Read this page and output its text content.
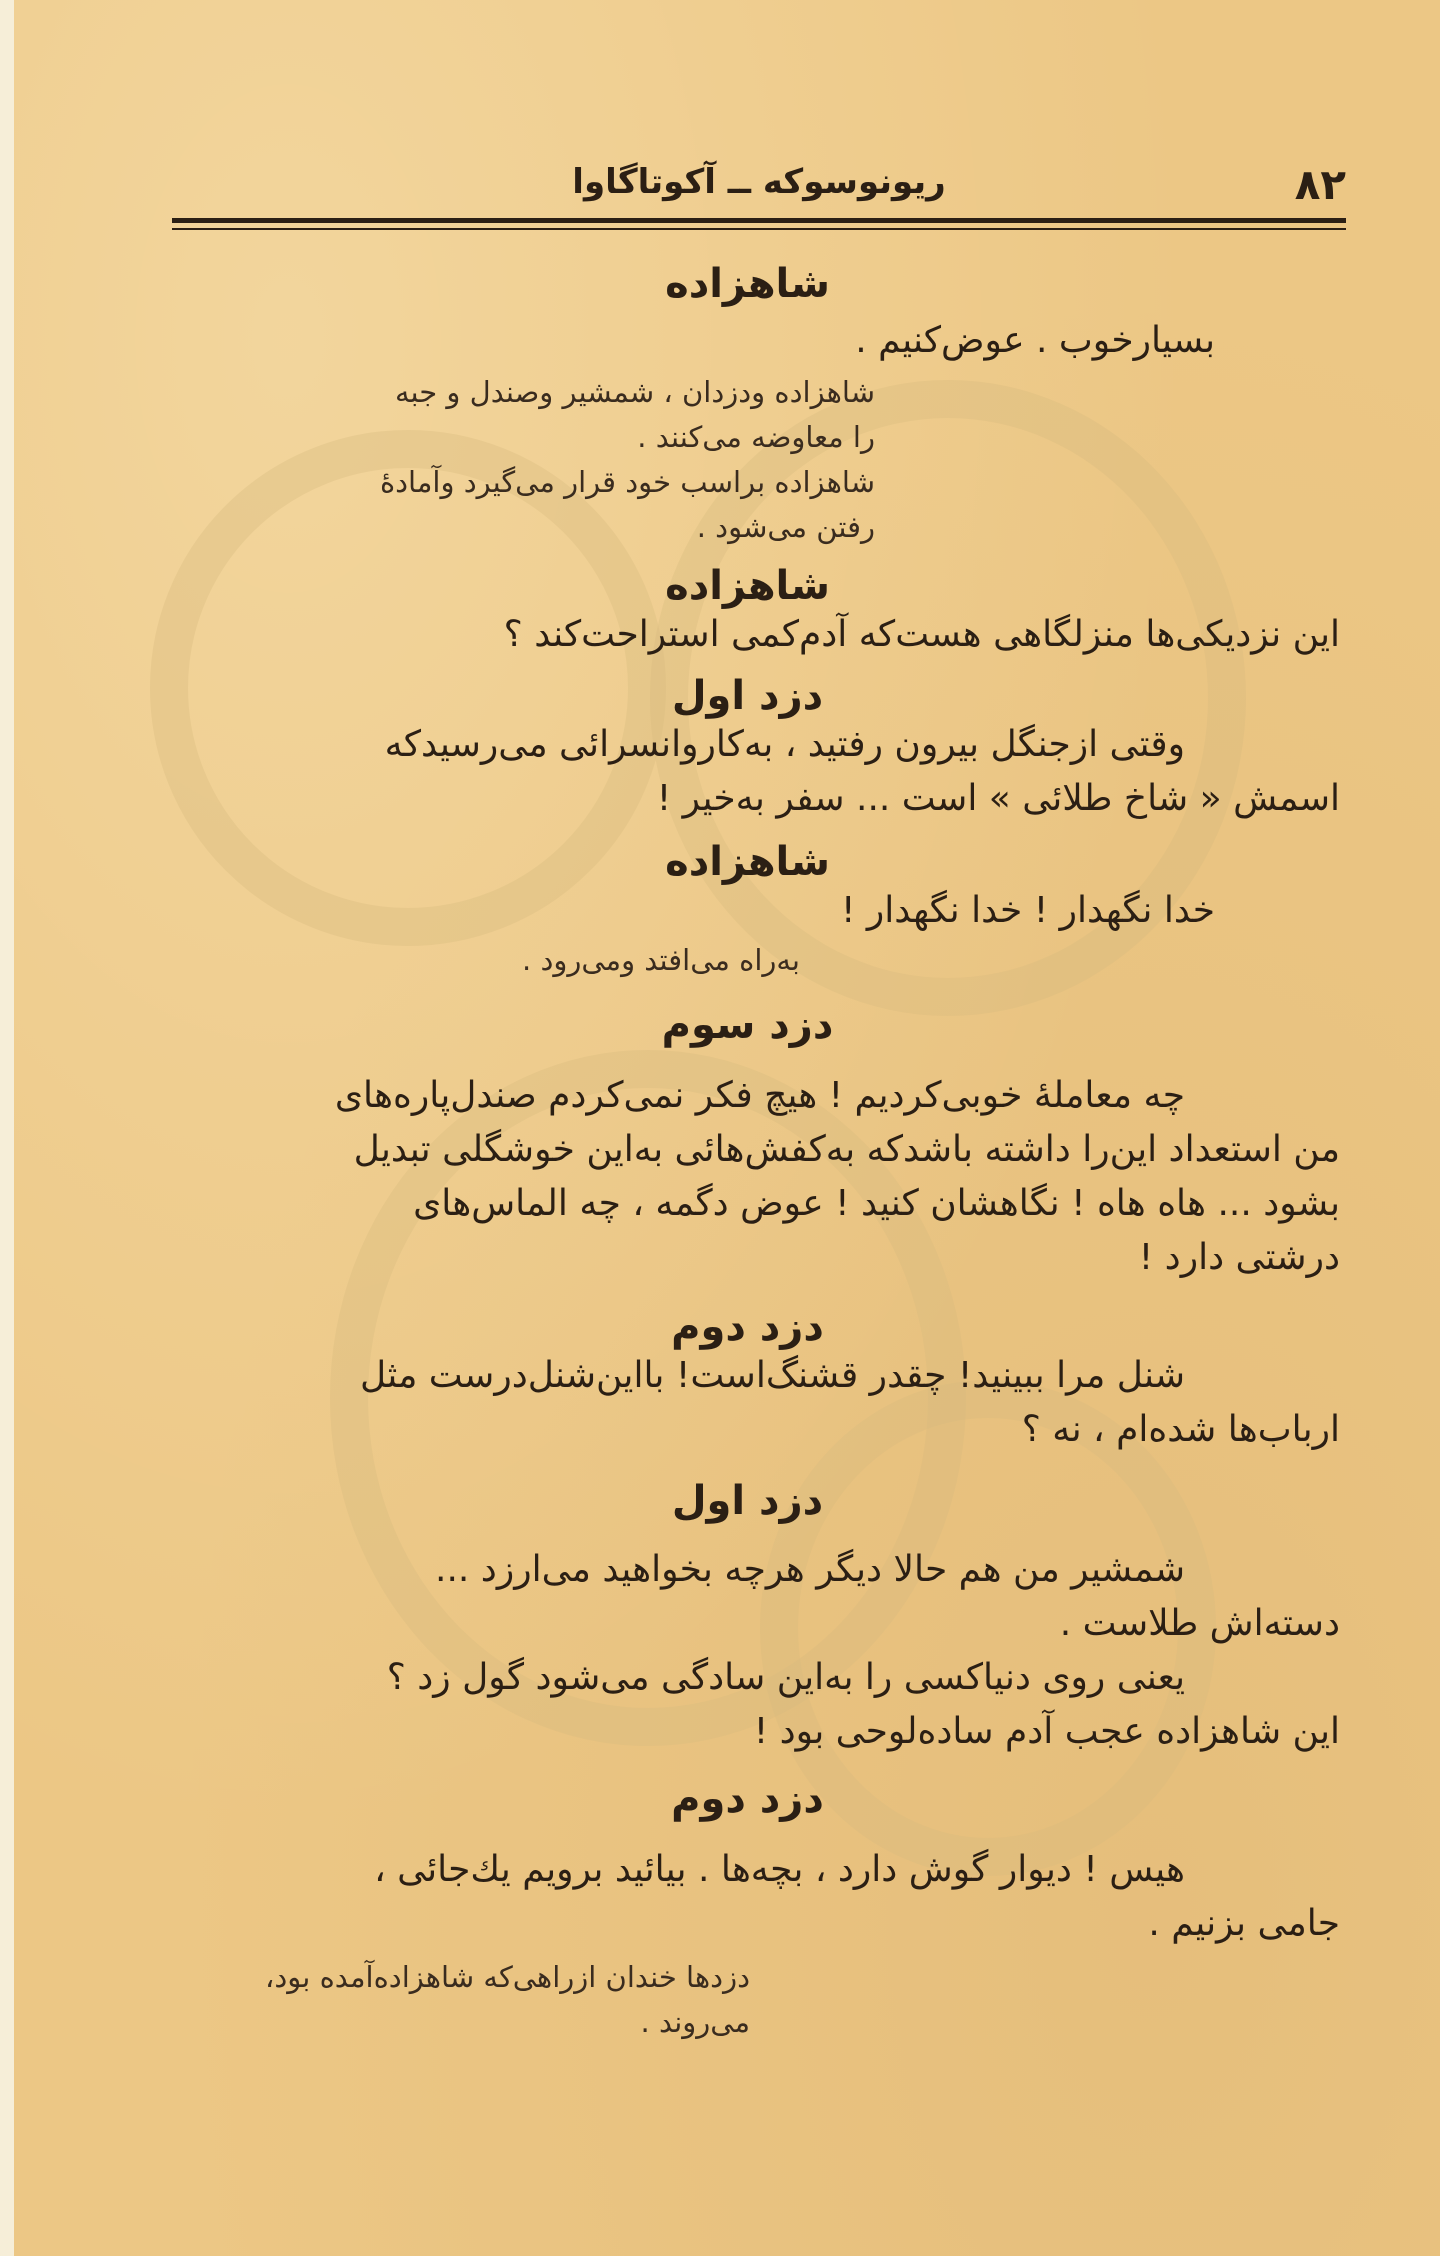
۸۲
ریونوسوکه ــ آکوتاگاوا

شاهزاده

بسیارخوب . عوض‌کنیم .

شاهزاده ودزدان ، شمشیر وصندل و جبه

را معاوضه می‌کنند .

شاهزاده براسب خود قرار می‌گیرد وآمادهٔ

رفتن می‌شود .

شاهزاده

این نزدیکی‌ها منزلگاهی هست‌که آدم‌کمی استراحت‌کند ؟

دزد اول

وقتی ازجنگل بیرون رفتید ، به‌کاروانسرائی می‌رسیدکه

اسمش « شاخ طلائی » است ... سفر به‌خیر !

شاهزاده

خدا نگهدار ! خدا نگهدار !

به‌راه می‌افتد ومی‌رود .

دزد سوم

چه معاملهٔ خوبی‌کردیم ! هیچ فکر نمی‌کردم صندل‌پاره‌های

من استعداد این‌را داشته باشدکه به‌کفش‌هائی به‌این خوشگلی تبدیل

بشود ... هاه هاه ! نگاهشان کنید ! عوض دگمه ، چه الماس‌های

درشتی دارد !

دزد دوم

شنل مرا ببینید! چقدر قشنگ‌است! بااین‌شنل‌درست مثل

ارباب‌ها شده‌ام ، نه ؟

دزد اول

شمشیر من هم حالا دیگر هرچه بخواهید می‌ارزد ...

دسته‌اش طلاست .

یعنی روی دنیاکسی را به‌این سادگی می‌شود گول زد ؟

این شاهزاده عجب آدم ساده‌لوحی بود !

دزد دوم

هیس ! دیوار گوش دارد ، بچه‌ها . بیائید برویم یك‌جائی ،

جامی بزنیم .

دزدها خندان ازراهی‌که شاهزاده‌آمده بود،

می‌روند .
